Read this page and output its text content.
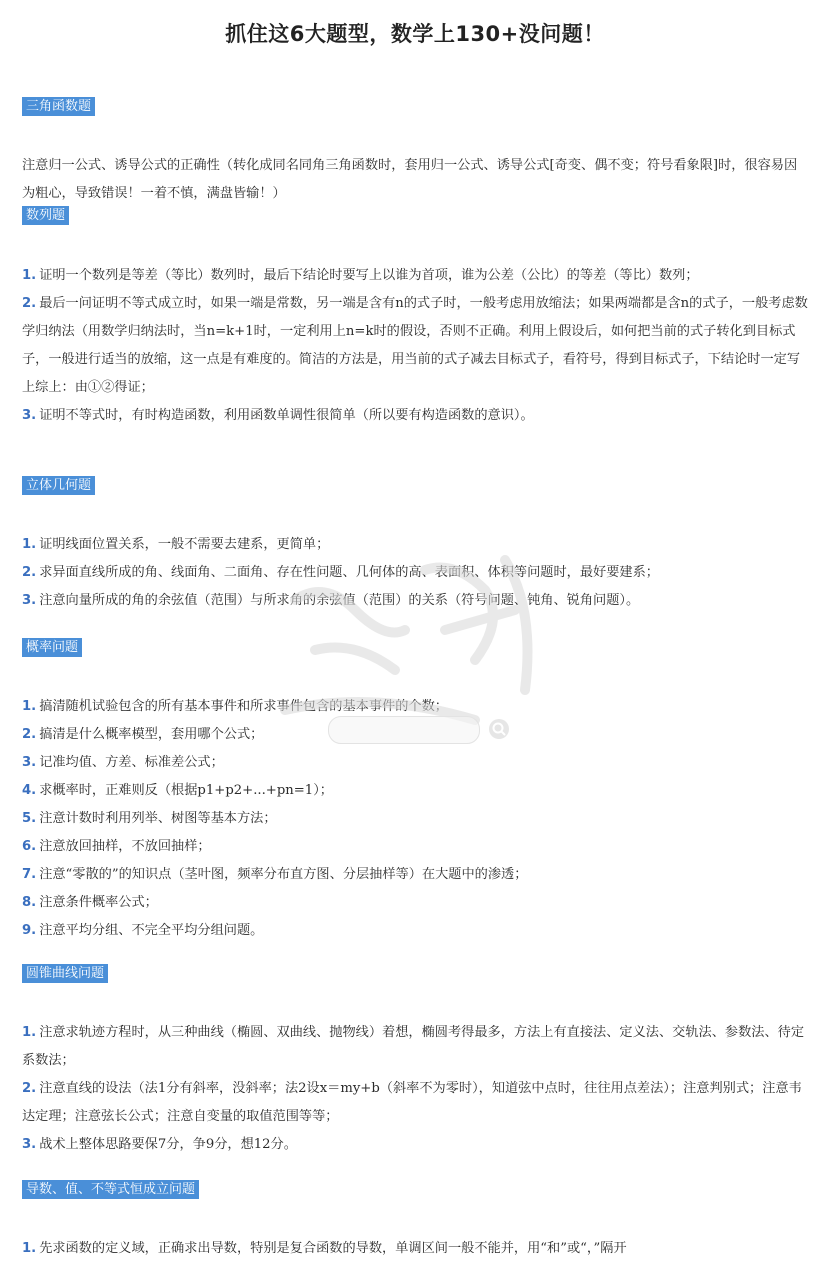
抓住这6大题型，数学上130+没问题！
三角函数题

注意归一公式、诱导公式的正确性（转化成同名同角三角函数时，套用归一公式、诱导公式[奇变、偶不变；符号看象限]时，很容易因为粗心，导致错误！一着不慎，满盘皆输！）

数列题
1. 证明一个数列是等差（等比）数列时，最后下结论时要写上以谁为首项，谁为公差（公比）的等差（等比）数列；
2. 最后一问证明不等式成立时，如果一端是常数，另一端是含有n的式子时，一般考虑用放缩法；如果两端都是含n的式子，一般考虑数学归纳法（用数学归纳法时，当n=k+1时，一定利用上n=k时的假设，否则不正确。利用上假设后，如何把当前的式子转化到目标式子，一般进行适当的放缩，这一点是有难度的。简洁的方法是，用当前的式子减去目标式子，看符号，得到目标式子，下结论时一定写上综上：由①②得证；
3. 证明不等式时，有时构造函数，利用函数单调性很简单（所以要有构造函数的意识）。
立体几何题
1. 证明线面位置关系，一般不需要去建系，更简单；
2. 求异面直线所成的角、线面角、二面角、存在性问题、几何体的高、表面积、体积等问题时，最好要建系；
3. 注意向量所成的角的余弦值（范围）与所求角的余弦值（范围）的关系（符号问题、钝角、锐角问题）。
概率问题
1. 搞清随机试验包含的所有基本事件和所求事件包含的基本事件的个数；
2. 搞清是什么概率模型，套用哪个公式；
3. 记准均值、方差、标准差公式；
4. 求概率时，正难则反（根据p1+p2+...+pn=1）；
5. 注意计数时利用列举、树图等基本方法；
6. 注意放回抽样，不放回抽样；
7. 注意“零散的”的知识点（茎叶图，频率分布直方图、分层抽样等）在大题中的渗透；
8. 注意条件概率公式；
9. 注意平均分组、不完全平均分组问题。
圆锥曲线问题
1. 注意求轨迹方程时，从三种曲线（椭圆、双曲线、抛物线）着想，椭圆考得最多，方法上有直接法、定义法、交轨法、参数法、待定系数法；
2. 注意直线的设法（法1分有斜率，没斜率；法2设x＝my+b（斜率不为零时），知道弦中点时，往往用点差法）；注意判别式；注意韦达定理；注意弦长公式；注意自变量的取值范围等等；
3. 战术上整体思路要保7分，争9分，想12分。
导数、值、不等式恒成立问题
1. 先求函数的定义域，正确求出导数，特别是复合函数的导数，单调区间一般不能并，用“和”或“，”隔开
